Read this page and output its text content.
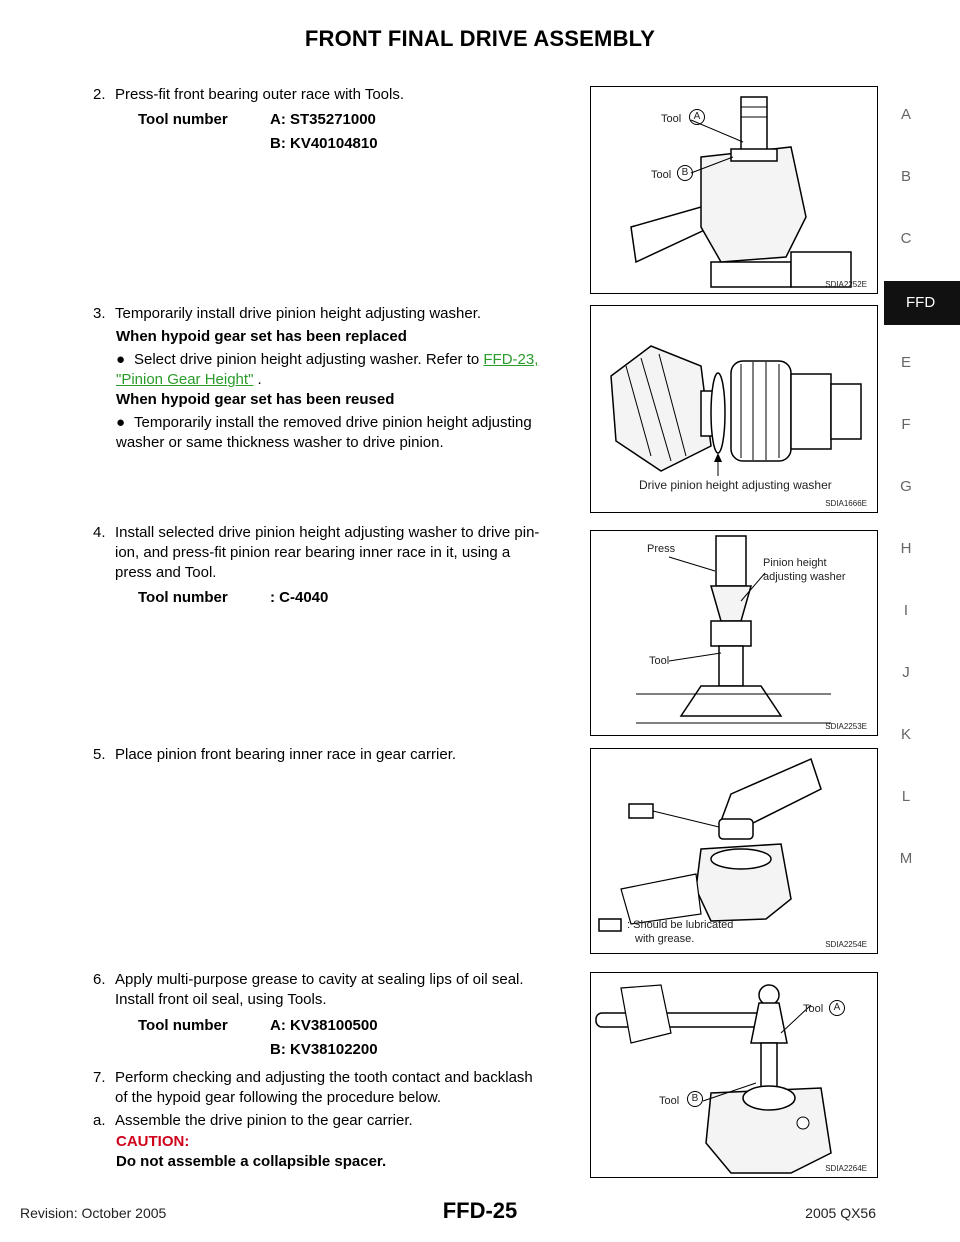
FRONT FINAL DRIVE ASSEMBLY
A
B
C
FFD
E
F
G
H
I
J
K
L
M
2. Press-fit front bearing outer race with Tools.
Tool number	A: ST35271000
B: KV40104810
Tool	A
Tool	B
SDIA2252E
3. Temporarily install drive pinion height adjusting washer.
When hypoid gear set has been replaced
● Select drive pinion height adjusting washer. Refer to FFD-23,
"Pinion Gear Height" .
When hypoid gear set has been reused
● Temporarily install the removed drive pinion height adjusting
washer or same thickness washer to drive pinion.
Drive pinion height adjusting washer
SDIA1666E
4. Install selected drive pinion height adjusting washer to drive pin-
ion, and press-fit pinion rear bearing inner race in it, using a
press and Tool.
Tool number	: C-4040
Press
Pinion height
adjusting washer
Tool
SDIA2253E
5. Place pinion front bearing inner race in gear carrier.
: Should be lubricated
with grease.	SDIA2254E
6. Apply multi-purpose grease to cavity at sealing lips of oil seal.
Install front oil seal, using Tools.
Tool number	A: KV38100500
B: KV38102200
7. Perform checking and adjusting the tooth contact and backlash
of the hypoid gear following the procedure below.
a. Assemble the drive pinion to the gear carrier.
CAUTION:
Do not assemble a collapsible spacer.
Tool	A
Tool	B
SDIA2264E
Revision: October 2005	FFD-25	2005 QX56
